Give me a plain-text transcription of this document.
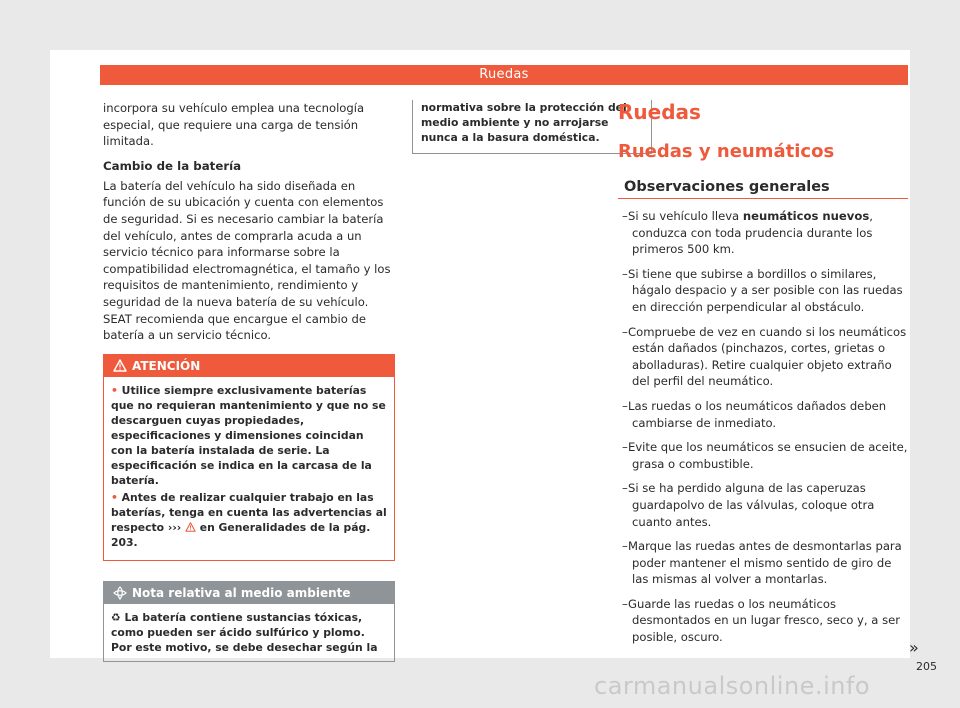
Ruedas

incorpora su vehículo emplea una tecnología especial, que requiere una carga de tensión limitada.

Cambio de la batería

La batería del vehículo ha sido diseñada en función de su ubicación y cuenta con elementos de seguridad. Si es necesario cambiar la batería del vehículo, antes de comprarla acuda a un servicio técnico para informarse sobre la compatibilidad electromagnética, el tamaño y los requisitos de mantenimiento, rendimiento y seguridad de la nueva batería de su vehículo. SEAT recomienda que encargue el cambio de batería a un servicio técnico.

ATENCIÓN

• Utilice siempre exclusivamente baterías que no requieran mantenimiento y que no se descarguen cuyas propiedades, especificaciones y dimensiones coincidan con la batería instalada de serie. La especificación se indica en la carcasa de la batería.

• Antes de realizar cualquier trabajo en las baterías, tenga en cuenta las advertencias al respecto ››› en Generalidades de la pág. 203.

Nota relativa al medio ambiente
♻ La batería contiene sustancias tóxicas, como pueden ser ácido sulfúrico y plomo. Por este motivo, se debe desechar según la
normativa sobre la protección del medio ambiente y no arrojarse nunca a la basura doméstica.
Ruedas
Ruedas y neumáticos
Observaciones generales
– Si su vehículo lleva neumáticos nuevos, conduzca con toda prudencia durante los primeros 500 km.
– Si tiene que subirse a bordillos o similares, hágalo despacio y a ser posible con las ruedas en dirección perpendicular al obstáculo.
– Compruebe de vez en cuando si los neumáticos están dañados (pinchazos, cortes, grietas o abolladuras). Retire cualquier objeto extraño del perfil del neumático.
– Las ruedas o los neumáticos dañados deben cambiarse de inmediato.
– Evite que los neumáticos se ensucien de aceite, grasa o combustible.
– Si se ha perdido alguna de las caperuzas guardapolvo de las válvulas, coloque otra cuanto antes.
– Marque las ruedas antes de desmontarlas para poder mantener el mismo sentido de giro de las mismas al volver a montarlas.
– Guarde las ruedas o los neumáticos desmontados en un lugar fresco, seco y, a ser posible, oscuro.
»
205
carmanualsonline.info
